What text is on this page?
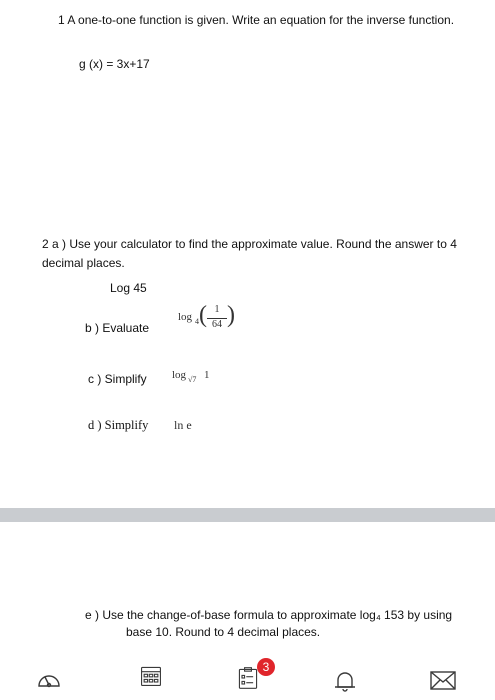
1 A one-to-one function is given. Write an equation for the inverse function.
g (x) = 3x+17
2 a ) Use your calculator to find the approximate value. Round the answer to 4
decimal places.
Log 45
b ) Evaluate
log 4 ( 1
64 )
c ) Simplify log √7 1
d ) Simplify ln e
e ) Use the change-of-base formula to approximate log₄ 153 by using
base 10. Round to 4 decimal places.
3
